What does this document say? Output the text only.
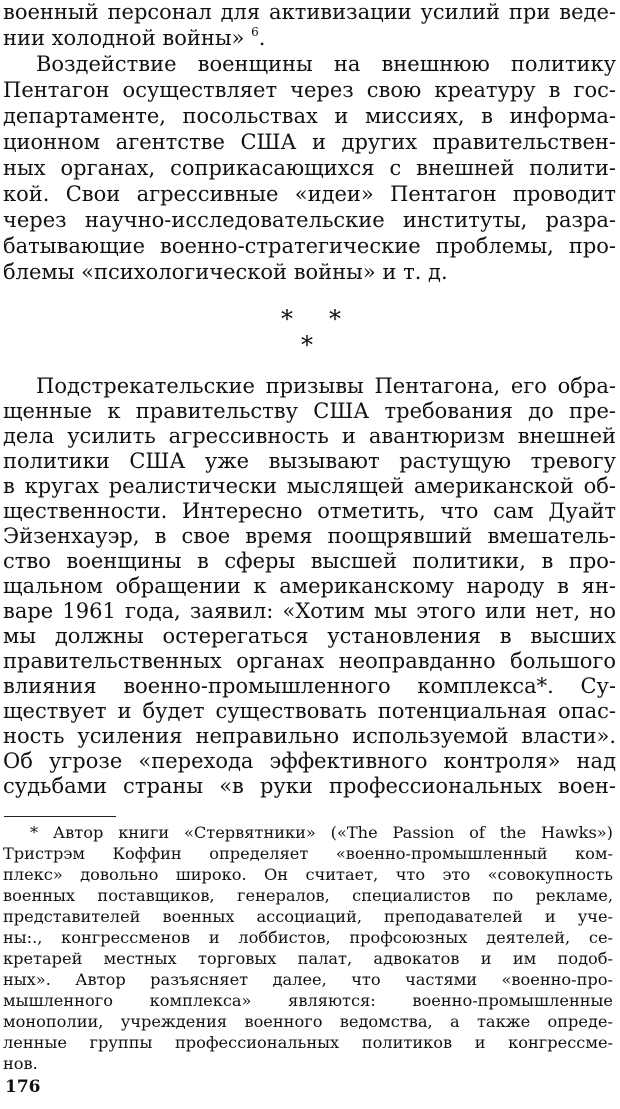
военный персонал для активизации усилий при веде-
нии холодной войны» $^6$.
Воздействие военщины на внешнюю политику
Пентагон осуществляет через свою креатуру в гос-
департаменте, посольствах и миссиях, в информа-
ционном агентстве США и других правительствен-
ных органах, соприкасающихся с внешней полити-
кой. Свои агрессивные «идеи» Пентагон проводит
через научно-исследовательские институты, разра-
батывающие военно-стратегические проблемы, про-
блемы «психологической войны» и т. д.
* *
*
Подстрекательские призывы Пентагона, его обра-
щенные к правительству США требования до пре-
дела усилить агрессивность и авантюризм внешней
политики США уже вызывают растущую тревогу
в кругах реалистически мыслящей американской об-
щественности. Интересно отметить, что сам Дуайт
Эйзенхауэр, в свое время поощрявший вмешатель-
ство военщины в сферы высшей политики, в про-
щальном обращении к американскому народу в ян-
варе 1961 года, заявил: «Хотим мы этого или нет, но
мы должны остерегаться установления в высших
правительственных органах неоправданно большого
влияния военно-промышленного комплекса*. Су-
ществует и будет существовать потенциальная опас-
ность усиления неправильно используемой власти».
Об угрозе «перехода эффективного контроля» над
судьбами страны «в руки профессиональных воен-
* Автор книги «Стервятники» («The Passion of the Hawks»)
Тристрэм Коффин определяет «военно-промышленный ком-
плекс» довольно широко. Он считает, что это «совокупность
военных поставщиков, генералов, специалистов по рекламе,
представителей военных ассоциаций, преподавателей и уче-
ны:., конгрессменов и лоббистов, профсоюзных деятелей, се-
кретарей местных торговых палат, адвокатов и им подоб-
ных». Автор разъясняет далее, что частями «военно-про-
мышленного комплекса» являются: военно-промышленные
монополии, учреждения военного ведомства, а также опреде-
ленные группы профессиональных политиков и конгрессме-
нов.
176
